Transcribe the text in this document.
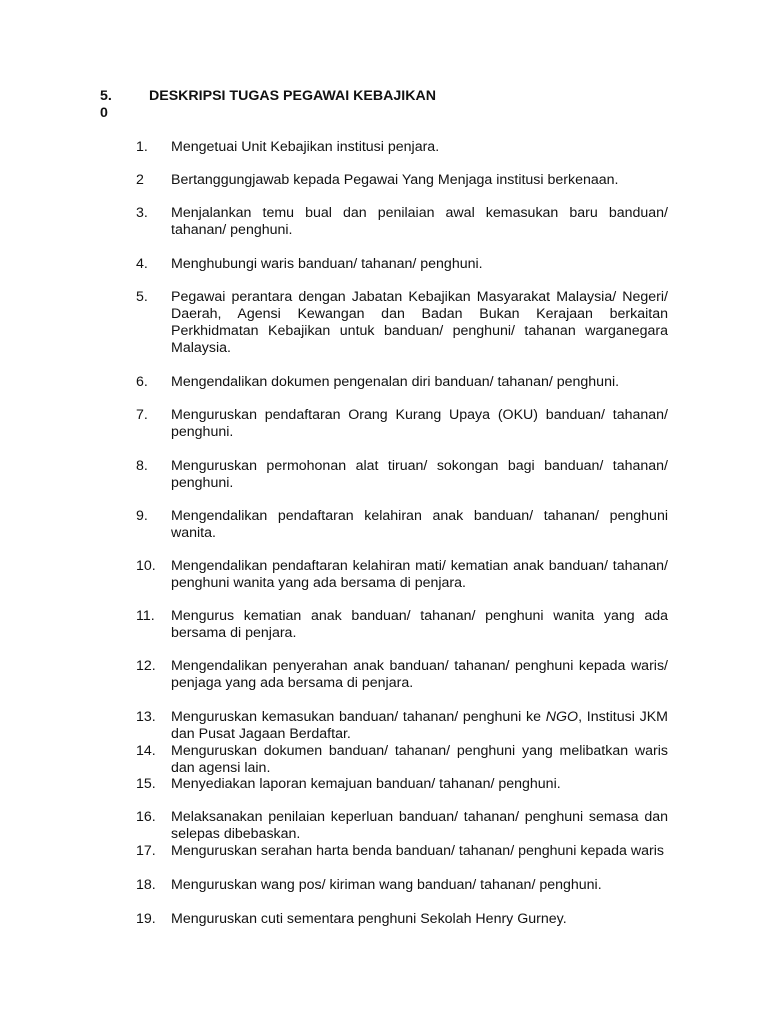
5.0
DESKRIPSI TUGAS PEGAWAI KEBAJIKAN
1.	Mengetuai Unit Kebajikan institusi penjara.
2	Bertanggungjawab kepada Pegawai Yang Menjaga institusi berkenaan.
3.	Menjalankan temu bual dan penilaian awal kemasukan baru banduan/ tahanan/ penghuni.
4.	Menghubungi waris banduan/ tahanan/ penghuni.
5.	Pegawai perantara dengan Jabatan Kebajikan Masyarakat Malaysia/ Negeri/ Daerah, Agensi Kewangan dan Badan Bukan Kerajaan berkaitan Perkhidmatan Kebajikan untuk banduan/ penghuni/ tahanan warganegara Malaysia.
6.	Mengendalikan dokumen pengenalan diri banduan/ tahanan/ penghuni.
7.	Menguruskan pendaftaran Orang Kurang Upaya (OKU) banduan/ tahanan/ penghuni.
8.	Menguruskan permohonan alat tiruan/ sokongan bagi banduan/ tahanan/ penghuni.
9.	Mengendalikan pendaftaran kelahiran anak banduan/ tahanan/ penghuni wanita.
10.	Mengendalikan pendaftaran kelahiran mati/ kematian anak banduan/ tahanan/ penghuni wanita yang ada bersama di penjara.
11.	Mengurus kematian anak banduan/ tahanan/ penghuni wanita yang ada bersama di penjara.
12.	Mengendalikan penyerahan anak banduan/ tahanan/ penghuni kepada waris/ penjaga yang ada bersama di penjara.
13.	Menguruskan kemasukan banduan/ tahanan/ penghuni ke NGO, Institusi JKM dan Pusat Jagaan Berdaftar.
14.	Menguruskan dokumen banduan/ tahanan/ penghuni yang melibatkan waris dan agensi lain.
15.	Menyediakan laporan kemajuan banduan/ tahanan/ penghuni.
16.	Melaksanakan penilaian keperluan banduan/ tahanan/ penghuni semasa dan selepas dibebaskan.
17.	Menguruskan serahan harta benda banduan/ tahanan/ penghuni kepada waris
18.	Menguruskan wang pos/ kiriman wang banduan/ tahanan/ penghuni.
19.	Menguruskan cuti sementara penghuni Sekolah Henry Gurney.
